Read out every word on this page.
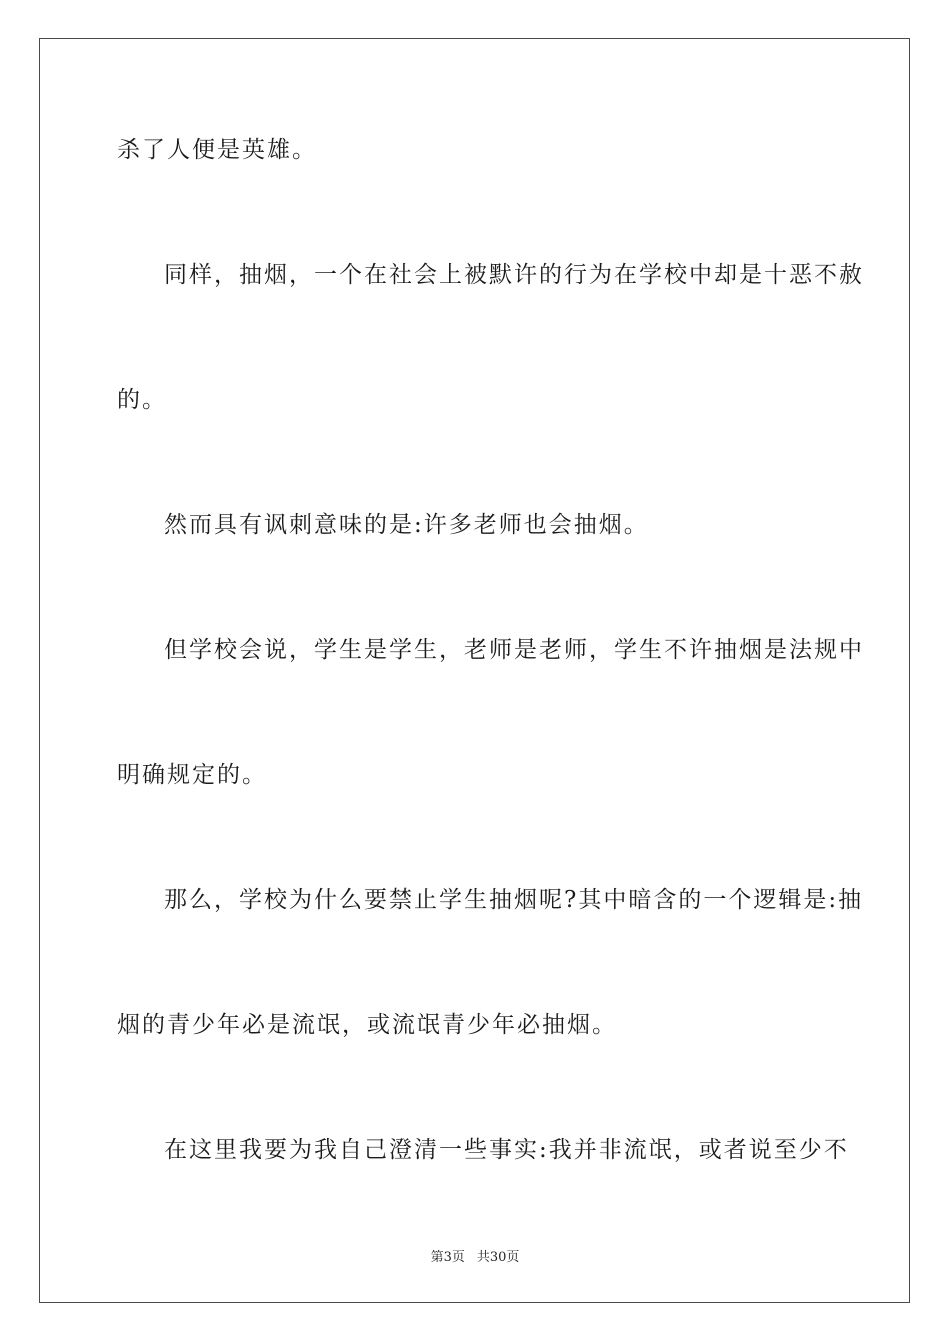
杀了人便是英雄。
同样，抽烟，一个在社会上被默许的行为在学校中却是十恶不赦
的。
然而具有讽刺意味的是:许多老师也会抽烟。
但学校会说，学生是学生，老师是老师，学生不许抽烟是法规中
明确规定的。
那么，学校为什么要禁止学生抽烟呢?其中暗含的一个逻辑是:抽
烟的青少年必是流氓，或流氓青少年必抽烟。
在这里我要为我自己澄清一些事实:我并非流氓，或者说至少不
第3页 共30页
